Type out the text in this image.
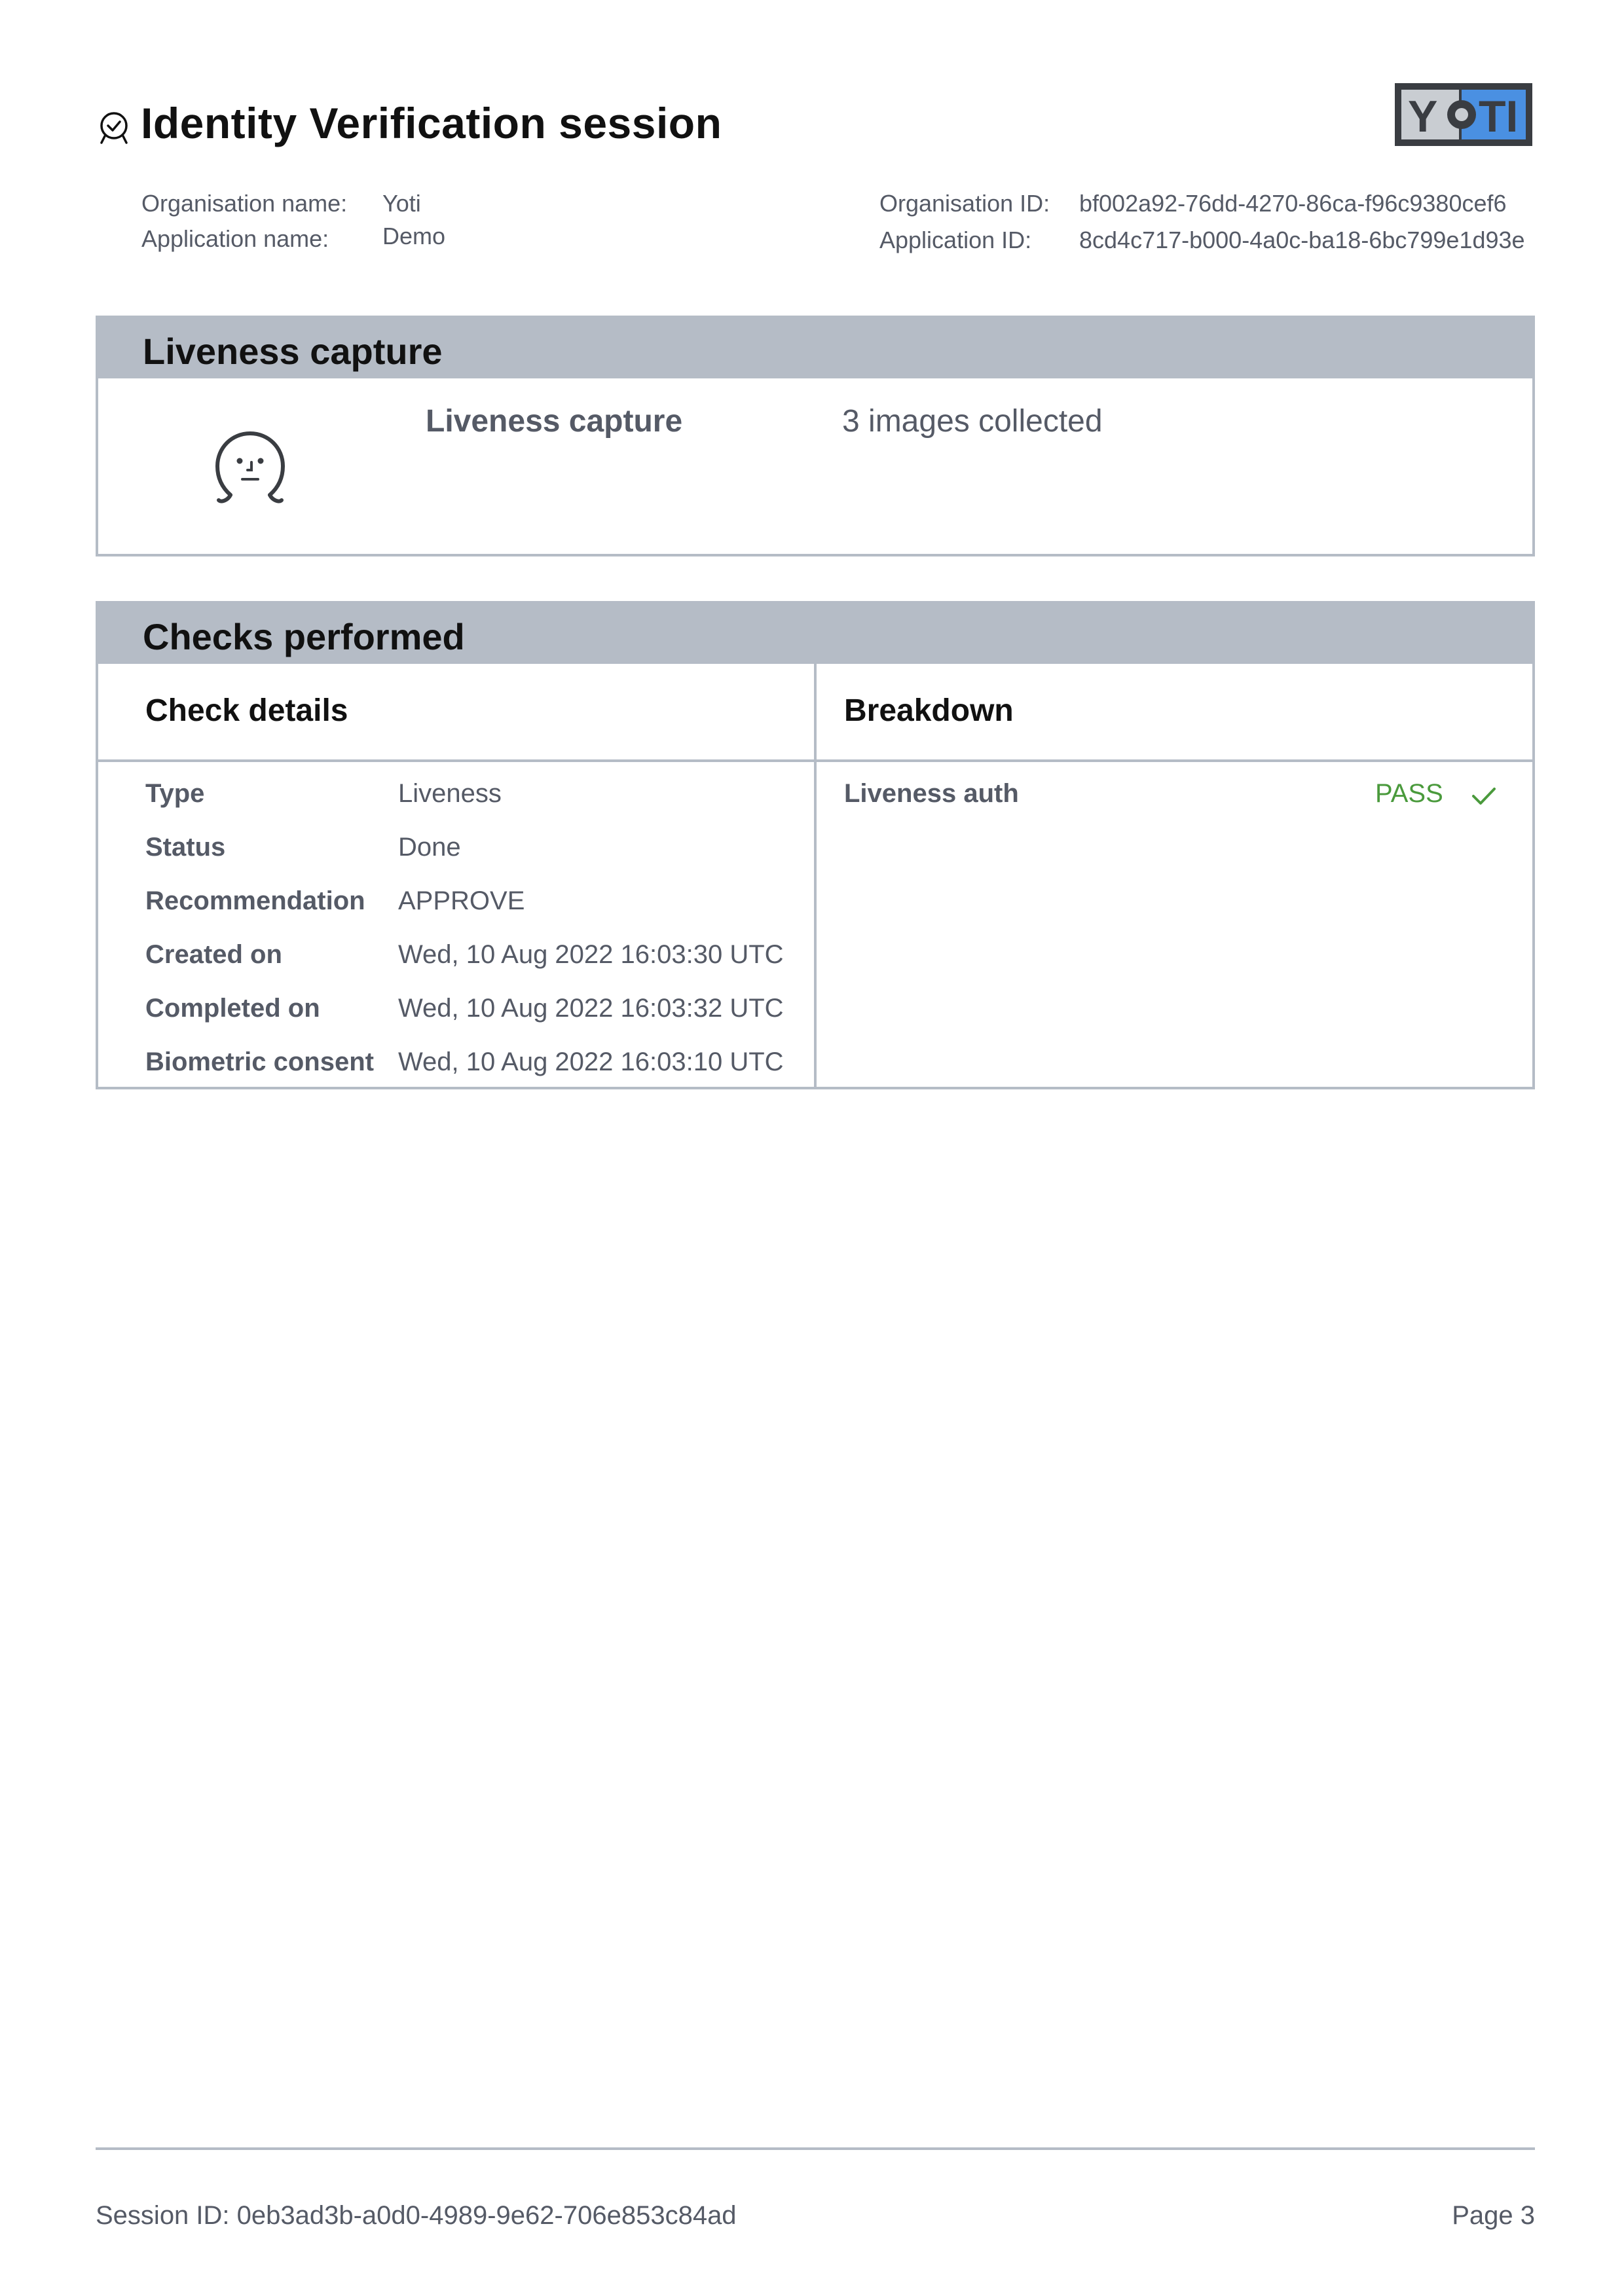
Identity Verification session	Y TI
Organisation name: Yoti
Application name: Demo
Organisation ID: bf002a92-76dd-4270-86ca-f96c9380cef6
Application ID: 8cd4c717-b000-4a0c-ba18-6bc799e1d93e
Liveness capture
Liveness capture	3 images collected
Checks performed
Check details	Breakdown
Type	Liveness
Status	Done
Recommendation APPROVE
Created on	Wed, 10 Aug 2022 16:03:30 UTC
Completed on	Wed, 10 Aug 2022 16:03:32 UTC
Biometric consent Wed, 10 Aug 2022 16:03:10 UTC
Liveness auth	PASS
Session ID: 0eb3ad3b-a0d0-4989-9e62-706e853c84ad	Page 3
